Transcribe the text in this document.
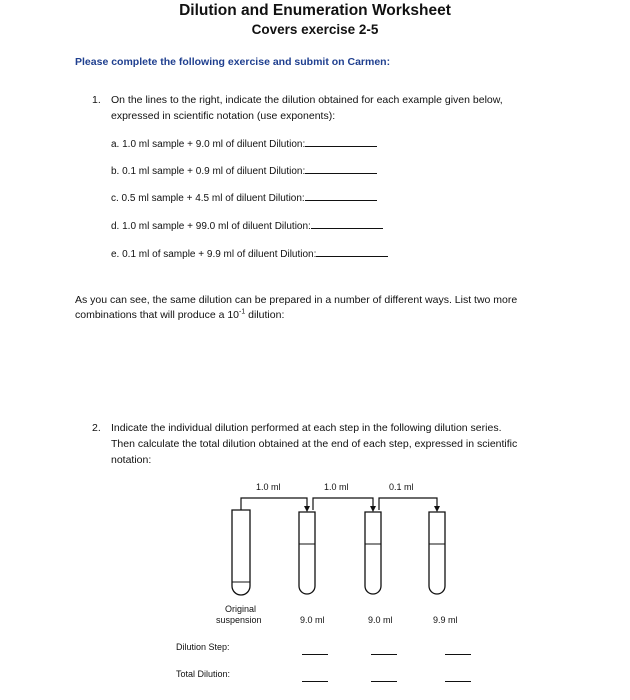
Dilution and Enumeration Worksheet
Covers exercise 2-5
Please complete the following exercise and submit on Carmen:
1. On the lines to the right, indicate the dilution obtained for each example given below,
expressed in scientific notation (use exponents):
a. 1.0 ml sample + 9.0 ml of diluent Dilution:
b. 0.1 ml sample + 0.9 ml of diluent Dilution:
c. 0.5 ml sample + 4.5 ml of diluent Dilution:
d. 1.0 ml sample + 99.0 ml of diluent Dilution:
e. 0.1 ml of sample + 9.9 ml of diluent Dilution:
As you can see, the same dilution can be prepared in a number of different ways. List two more
combinations that will produce a $10^{-1}$ dilution:
2. Indicate the individual dilution performed at each step in the following dilution series.
Then calculate the total dilution obtained at the end of each step, expressed in scientific
notation:
1.0 ml	1.0 ml	0.1 ml
Original
suspension	9.0 ml	9.0 ml	9.9 ml
Dilution Step:
Total Dilution:
